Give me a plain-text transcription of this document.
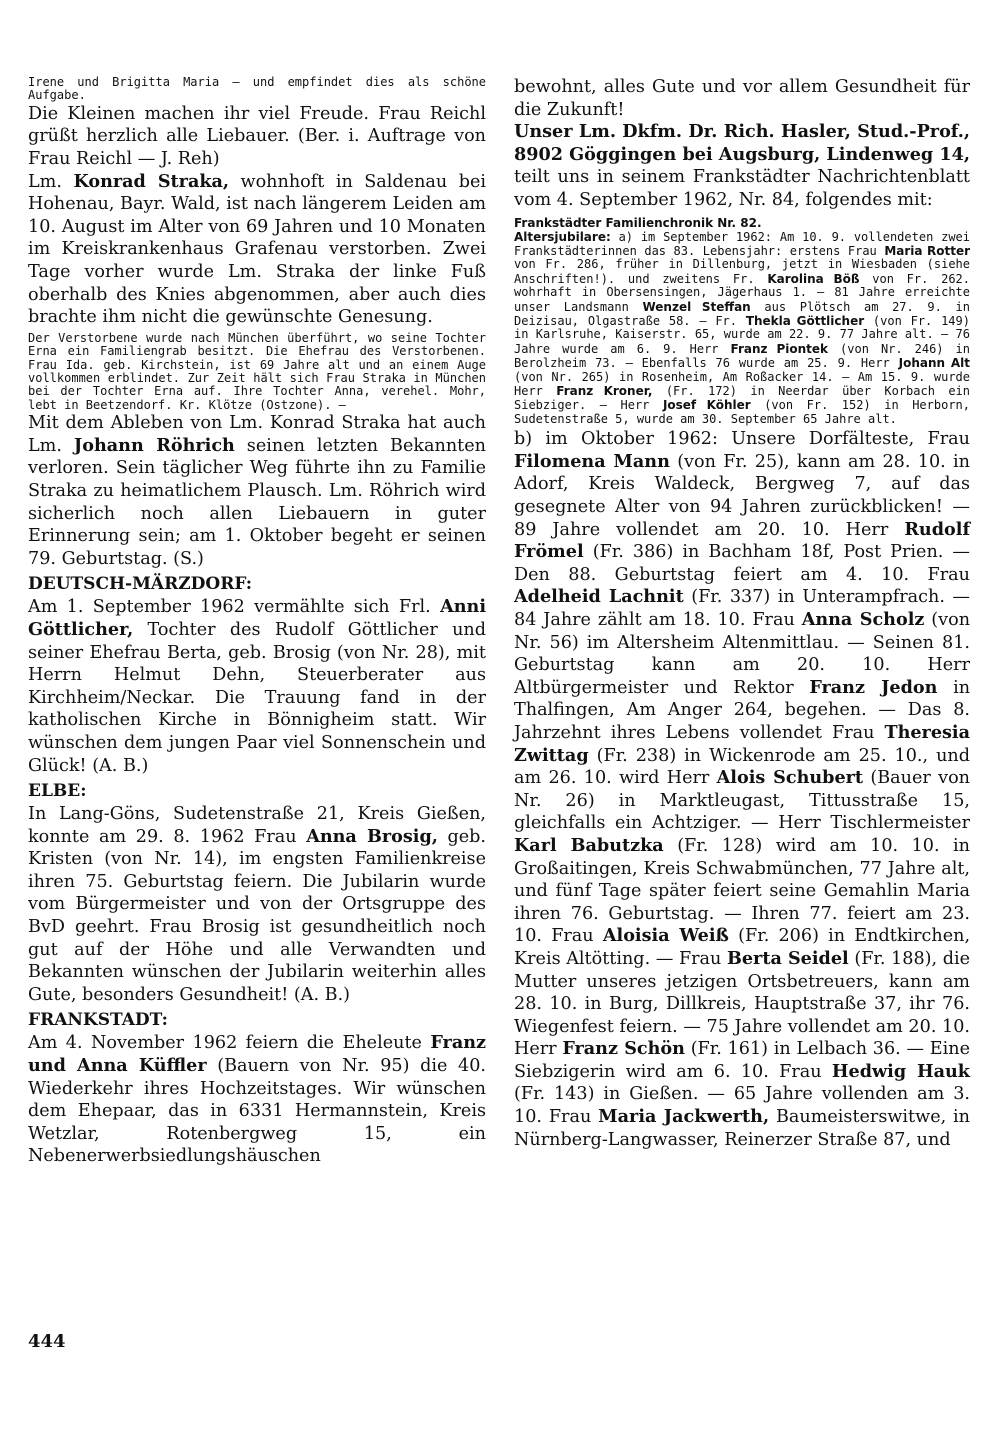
Irene und Brigitta Maria — und empfindet dies als schöne Aufgabe.

Die Kleinen machen ihr viel Freude. Frau Reichl grüßt herzlich alle Liebauer. (Ber. i. Auftrage von Frau Reichl — J. Reh)

Lm. Konrad Straka, wohnhoft in Saldenau bei Hohenau, Bayr. Wald, ist nach längerem Leiden am 10. August im Alter von 69 Jahren und 10 Monaten im Kreiskrankenhaus Grafenau verstorben. Zwei Tage vorher wurde Lm. Straka der linke Fuß oberhalb des Knies abgenommen, aber auch dies brachte ihm nicht die gewünschte Genesung.

Der Verstorbene wurde nach München überführt, wo seine Tochter Erna ein Familiengrab besitzt. Die Ehefrau des Verstorbenen. Frau Ida. geb. Kirchstein, ist 69 Jahre alt und an einem Auge vollkommen erblindet. Zur Zeit hält sich Frau Straka in München bei der Tochter Erna auf. Ihre Tochter Anna, verehel. Mohr, lebt in Beetzendorf. Kr. Klötze (Ostzone). —

Mit dem Ableben von Lm. Konrad Straka hat auch Lm. Johann Röhrich seinen letzten Bekannten verloren. Sein täglicher Weg führte ihn zu Familie Straka zu heimatlichem Plausch. Lm. Röhrich wird sicherlich noch allen Liebauern in guter Erinnerung sein; am 1. Oktober begeht er seinen 79. Geburtstag. (S.)

DEUTSCH-MÄRZDORF:

Am 1. September 1962 vermählte sich Frl. Anni Göttlicher, Tochter des Rudolf Göttlicher und seiner Ehefrau Berta, geb. Brosig (von Nr. 28), mit Herrn Helmut Dehn, Steuerberater aus Kirchheim/Neckar. Die Trauung fand in der katholischen Kirche in Bönnigheim statt. Wir wünschen dem jungen Paar viel Sonnenschein und Glück! (A. B.)

ELBE:

In Lang-Göns, Sudetenstraße 21, Kreis Gießen, konnte am 29. 8. 1962 Frau Anna Brosig, geb. Kristen (von Nr. 14), im engsten Familienkreise ihren 75. Geburtstag feiern. Die Jubilarin wurde vom Bürgermeister und von der Ortsgruppe des BvD geehrt. Frau Brosig ist gesundheitlich noch gut auf der Höhe und alle Verwandten und Bekannten wünschen der Jubilarin weiterhin alles Gute, besonders Gesundheit! (A. B.)

FRANKSTADT:

Am 4. November 1962 feiern die Eheleute Franz und Anna Küffler (Bauern von Nr. 95) die 40. Wiederkehr ihres Hochzeitstages. Wir wünschen dem Ehepaar, das in 6331 Hermannstein, Kreis Wetzlar, Rotenbergweg 15, ein Nebenerwerbsiedlungshäuschen

bewohnt, alles Gute und vor allem Gesundheit für die Zukunft!

Unser Lm. Dkfm. Dr. Rich. Hasler, Stud.-Prof., 8902 Göggingen bei Augsburg, Lindenweg 14, teilt uns in seinem Frankstädter Nachrichtenblatt vom 4. September 1962, Nr. 84, folgendes mit:

Frankstädter Familienchronik Nr. 82.

Altersjubilare: a) im September 1962: Am 10. 9. vollendeten zwei Frankstädterinnen das 83. Lebensjahr: erstens Frau Maria Rotter von Fr. 286, früher in Dillenburg, jetzt in Wiesbaden (siehe Anschriften!). und zweitens Fr. Karolina Böß von Fr. 262. wohrhaft in Obersensingen, Jägerhaus 1. — 81 Jahre erreichte unser Landsmann Wenzel Steffan aus Plötsch am 27. 9. in Deizisau, Olgastraße 58. — Fr. Thekla Göttlicher (von Fr. 149) in Karlsruhe, Kaiserstr. 65, wurde am 22. 9. 77 Jahre alt. — 76 Jahre wurde am 6. 9. Herr Franz Piontek (von Nr. 246) in Berolzheim 73. — Ebenfalls 76 wurde am 25. 9. Herr Johann Alt (von Nr. 265) in Rosenheim, Am Roßacker 14. — Am 15. 9. wurde Herr Franz Kroner, (Fr. 172) in Neerdar über Korbach ein Siebziger. — Herr Josef Köhler (von Fr. 152) in Herborn, Sudetenstraße 5, wurde am 30. September 65 Jahre alt.

b) im Oktober 1962: Unsere Dorfälteste, Frau Filomena Mann (von Fr. 25), kann am 28. 10. in Adorf, Kreis Waldeck, Bergweg 7, auf das gesegnete Alter von 94 Jahren zurückblicken! — 89 Jahre vollendet am 20. 10. Herr Rudolf Frömel (Fr. 386) in Bachham 18f, Post Prien. — Den 88. Geburtstag feiert am 4. 10. Frau Adelheid Lachnit (Fr. 337) in Unterampfrach. — 84 Jahre zählt am 18. 10. Frau Anna Scholz (von Nr. 56) im Altersheim Altenmittlau. — Seinen 81. Geburtstag kann am 20. 10. Herr Altbürgermeister und Rektor Franz Jedon in Thalfingen, Am Anger 264, begehen. — Das 8. Jahrzehnt ihres Lebens vollendet Frau Theresia Zwittag (Fr. 238) in Wickenrode am 25. 10., und am 26. 10. wird Herr Alois Schubert (Bauer von Nr. 26) in Marktleugast, Tittusstraße 15, gleichfalls ein Achtziger. — Herr Tischlermeister Karl Babutzka (Fr. 128) wird am 10. 10. in Großaitingen, Kreis Schwabmünchen, 77 Jahre alt, und fünf Tage später feiert seine Gemahlin Maria ihren 76. Geburtstag. — Ihren 77. feiert am 23. 10. Frau Aloisia Weiß (Fr. 206) in Endtkirchen, Kreis Altötting. — Frau Berta Seidel (Fr. 188), die Mutter unseres jetzigen Ortsbetreuers, kann am 28. 10. in Burg, Dillkreis, Hauptstraße 37, ihr 76. Wiegenfest feiern. — 75 Jahre vollendet am 20. 10. Herr Franz Schön (Fr. 161) in Lelbach 36. — Eine Siebzigerin wird am 6. 10. Frau Hedwig Hauk (Fr. 143) in Gießen. — 65 Jahre vollenden am 3. 10. Frau Maria Jackwerth, Baumeisterswitwe, in Nürnberg-Langwasser, Reinerzer Straße 87, und

444
